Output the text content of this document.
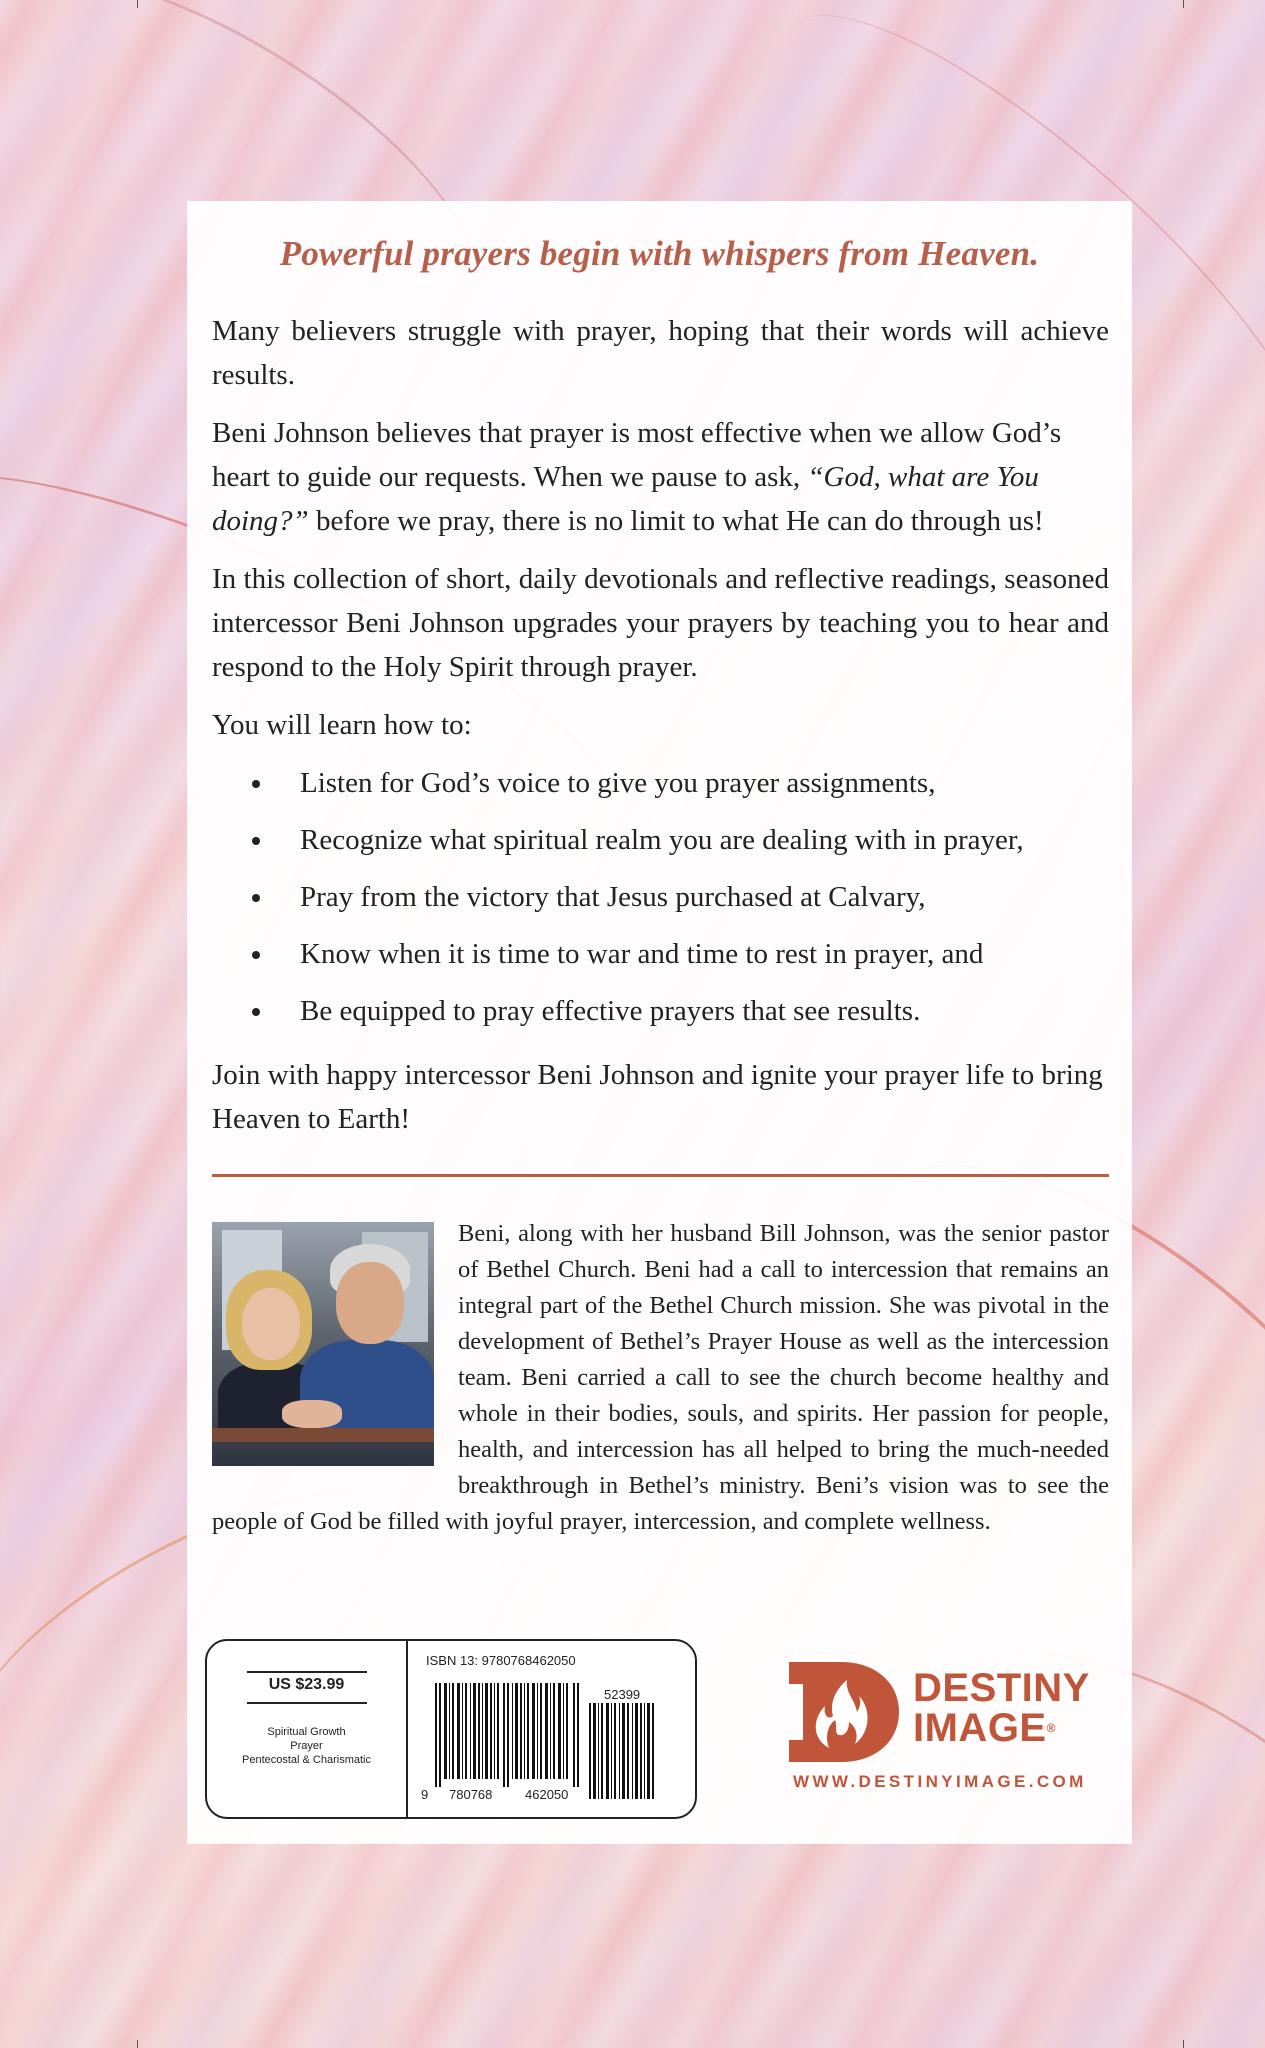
Powerful prayers begin with whispers from Heaven.

Many believers struggle with prayer, hoping that their words will achieve results.

Beni Johnson believes that prayer is most effective when we allow God’s heart to guide our requests. When we pause to ask, “God, what are You doing?” before we pray, there is no limit to what He can do through us!

In this collection of short, daily devotionals and reflective readings, seasoned intercessor Beni Johnson upgrades your prayers by teaching you to hear and respond to the Holy Spirit through prayer.

You will learn how to:

Listen for God’s voice to give you prayer assignments,
Recognize what spiritual realm you are dealing with in prayer,
Pray from the victory that Jesus purchased at Calvary,
Know when it is time to war and time to rest in prayer, and
Be equipped to pray effective prayers that see results.

Join with happy intercessor Beni Johnson and ignite your prayer life to bring Heaven to Earth!

Beni, along with her husband Bill Johnson, was the senior pastor of Bethel Church. Beni had a call to intercession that remains an integral part of the Bethel Church mission. She was pivotal in the development of Bethel’s Prayer House as well as the intercession team. Beni carried a call to see the church become healthy and whole in their bodies, souls, and spirits. Her passion for people, health, and intercession has all helped to bring the much-needed breakthrough in Bethel’s ministry. Beni’s vision was to see the people of God be filled with joyful prayer, intercession, and complete wellness.

US $23.99
Spiritual Growth
Prayer
Pentecostal & Charismatic
ISBN 13: 9780768462050
9 780768	462050
52399	DESTINY
IMAGE®
WWW.DESTINYIMAGE.COM
